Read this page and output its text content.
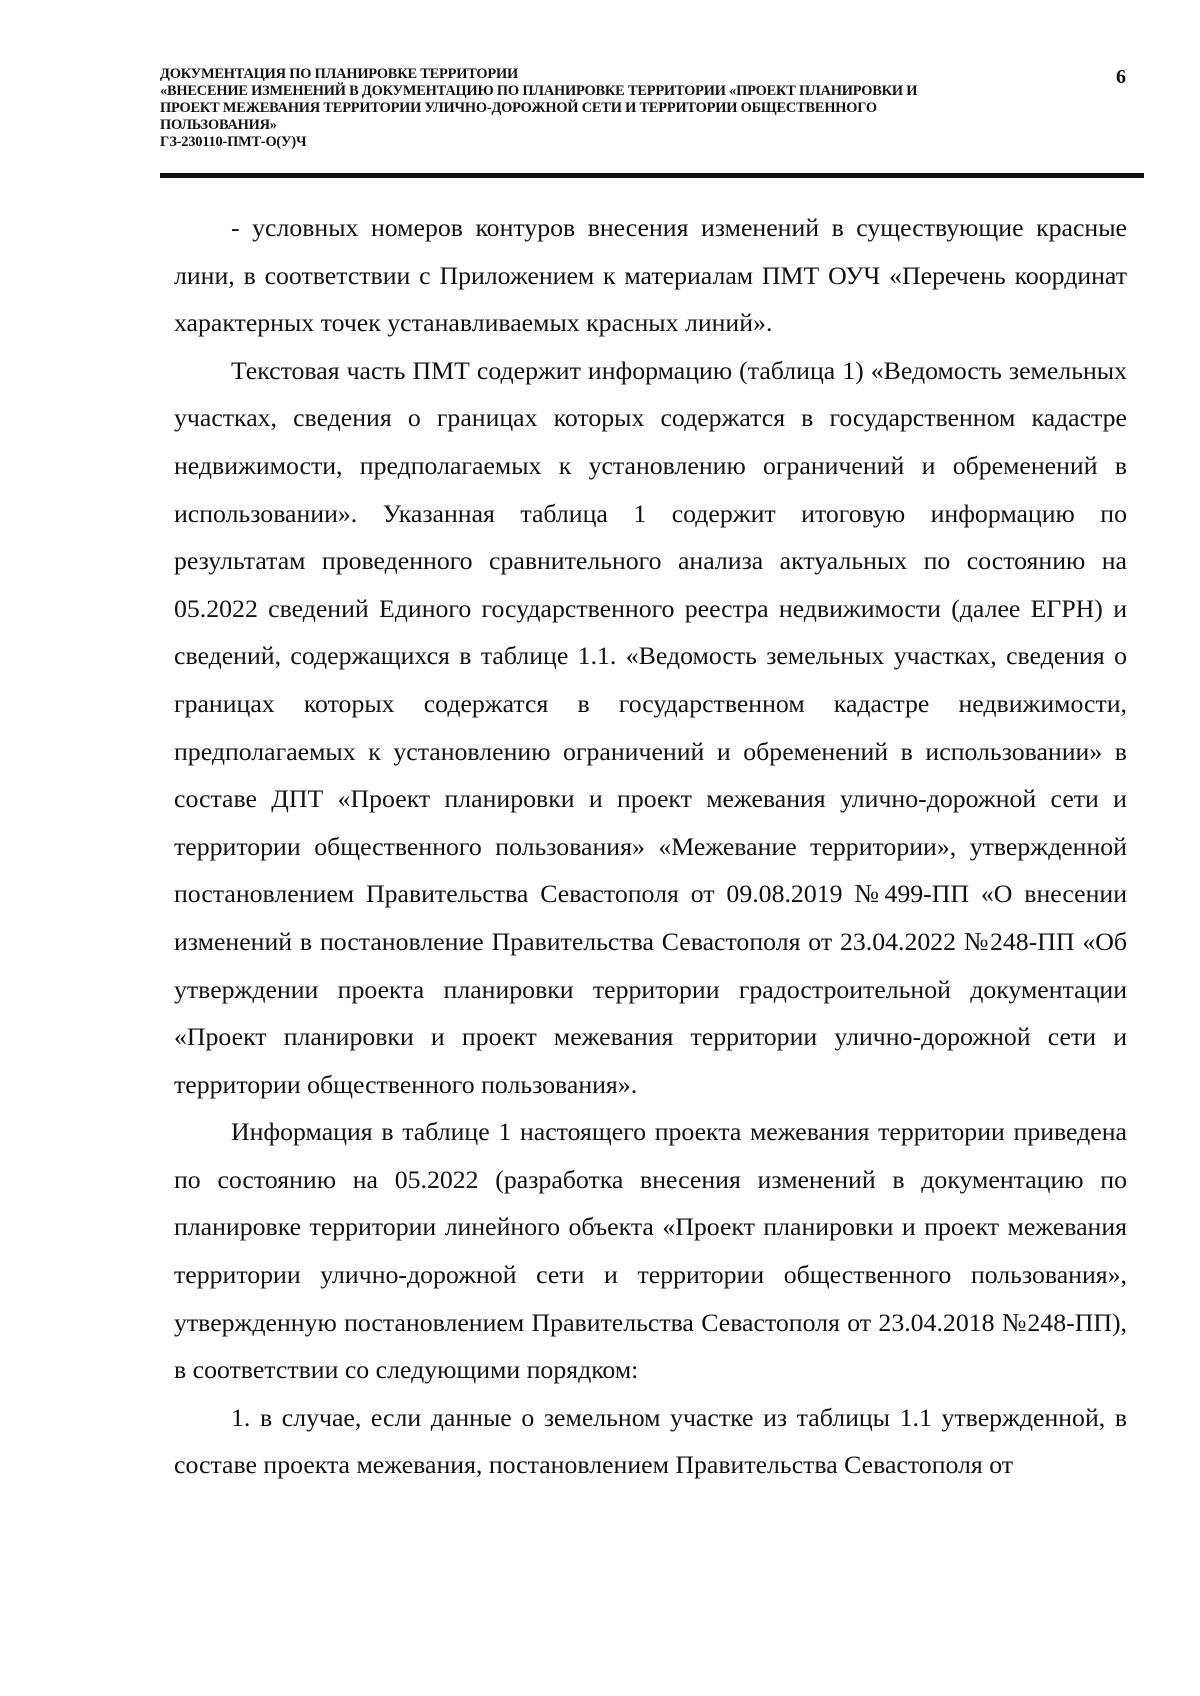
ДОКУМЕНТАЦИЯ ПО ПЛАНИРОВКЕ ТЕРРИТОРИИ
«ВНЕСЕНИЕ ИЗМЕНЕНИЙ В ДОКУМЕНТАЦИЮ ПО ПЛАНИРОВКЕ ТЕРРИТОРИИ «ПРОЕКТ ПЛАНИРОВКИ И
ПРОЕКТ МЕЖЕВАНИЯ ТЕРРИТОРИИ УЛИЧНО-ДОРОЖНОЙ СЕТИ И ТЕРРИТОРИИ ОБЩЕСТВЕННОГО
ПОЛЬЗОВАНИЯ»
ГЗ-230110-ПМТ-О(У)Ч
6

- условных номеров контуров внесения изменений в существующие красные лини, в соответствии с Приложением к материалам ПМТ ОУЧ «Перечень координат характерных точек устанавливаемых красных линий».

Текстовая часть ПМТ содержит информацию (таблица 1) «Ведомость земельных участках, сведения о границах которых содержатся в государственном кадастре недвижимости, предполагаемых к установлению ограничений и обременений в использовании». Указанная таблица 1 содержит итоговую информацию по результатам проведенного сравнительного анализа актуальных по состоянию на 05.2022 сведений Единого государственного реестра недвижимости (далее ЕГРН) и сведений, содержащихся в таблице 1.1. «Ведомость земельных участках, сведения о границах которых содержатся в государственном кадастре недвижимости, предполагаемых к установлению ограничений и обременений в использовании» в составе ДПТ «Проект планировки и проект межевания улично-дорожной сети и территории общественного пользования» «Межевание территории», утвержденной постановлением Правительства Севастополя от 09.08.2019 №499-ПП «О внесении изменений в постановление Правительства Севастополя от 23.04.2022 №248-ПП «Об утверждении проекта планировки территории градостроительной документации «Проект планировки и проект межевания территории улично-дорожной сети и территории общественного пользования».

Информация в таблице 1 настоящего проекта межевания территории приведена по состоянию на 05.2022 (разработка внесения изменений в документацию по планировке территории линейного объекта «Проект планировки и проект межевания территории улично-дорожной сети и территории общественного пользования», утвержденную постановлением Правительства Севастополя от 23.04.2018 №248-ПП), в соответствии со следующими порядком:

1. в случае, если данные о земельном участке из таблицы 1.1 утвержденной, в составе проекта межевания, постановлением Правительства Севастополя от
